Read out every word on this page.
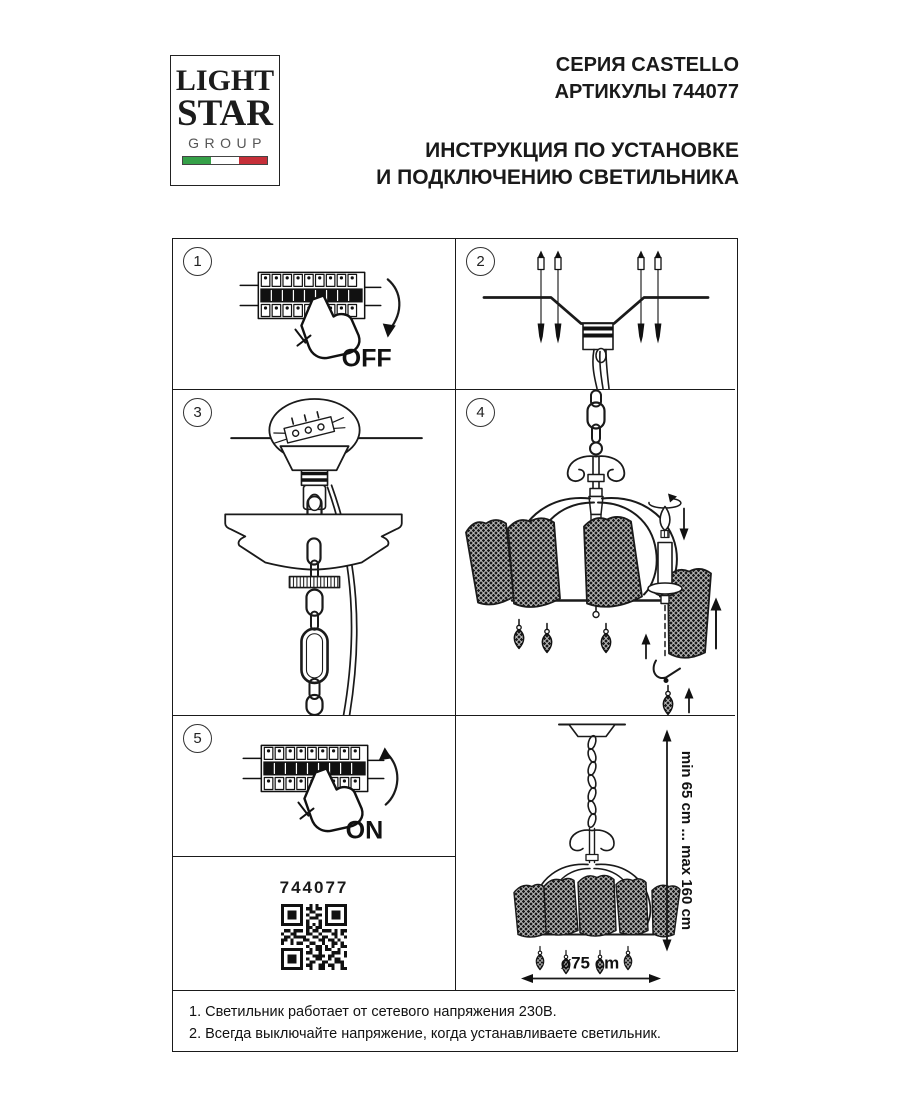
LIGHT
STAR
GROUP
СЕРИЯ CASTELLO
АРТИКУЛЫ 744077
ИНСТРУКЦИЯ ПО УСТАНОВКЕ
И ПОДКЛЮЧЕНИЮ СВЕТИЛЬНИКА
1
OFF
2
3	4
5
ON
744077	min 65 cm ... max 160 cm
ø75 cm
1. Светильник работает от сетевого напряжения 230В.
2. Всегда выключайте напряжение, когда устанавливаете светильник.
